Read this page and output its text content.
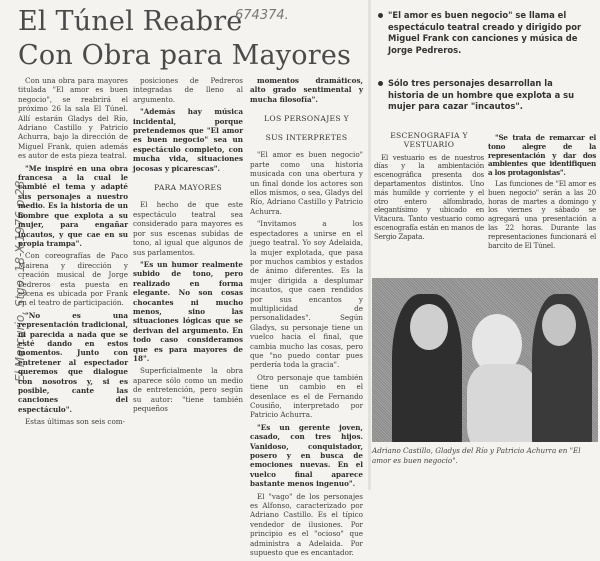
El Túnel Reabre
Con Obra para Mayores
674374.
El Mercurio, Stgo. 18-X-1976 p.28

Con una obra para mayores titulada "El amor es buen negocio", se reabrirá el próximo 26 la sala El Túnel. Allí estarán Gladys del Río, Adriano Castillo y Patricio Achurra, bajo la dirección de Miguel Frank, quien además es autor de esta pieza teatral.

"Me inspiré en una obra francesa a la cual le cambié el tema y adapté sus personajes a nuestro medio. Es la historia de un hombre que explota a su mujer, para engañar incautos, y que cae en su propia trampa".

Con coreografías de Paco Mairena y dirección y creación musical de Jorge Pedreros esta puesta en escena es ubicada por Frank en el teatro de participación.

"No es una representación tradicional, ni parecida a nada que se esté dando en estos momentos. Junto con entretener al espectador queremos que dialogue con nosotros y, si es posible, cante las canciones del espectáculo".

Estas últimas son seis com-

posiciones de Pedreros integradas de lleno al argumento.

"Además hay música incidental, porque pretendemos que "El amor es buen negocio" sea un espectáculo completo, con mucha vida, situaciones jocosas y picarescas".

PARA MAYORES

El hecho de que este espectáculo teatral sea considerado para mayores es por sus escenas subidas de tono, al igual que algunos de sus parlamentos.

"Es un humor realmente subido de tono, pero realizado en forma elegante. No son cosas chocantes ni mucho menos, sino las situaciones lógicas que se derivan del argumento. En todo caso consideramos que es para mayores de 18".

Superficialmente la obra aparece sólo como un medio de entretención, pero según su autor: "tiene también pequeños

momentos dramáticos, alto grado sentimental y mucha filosofía".

LOS PERSONAJES Y

SUS INTERPRETES

"El amor es buen negocio" parte como una historia musicada con una obertura y un final donde los actores son ellos mismos, o sea, Gladys del Río, Adriano Castillo y Patricio Achurra.

"Invitamos a los espectadores a unirse en el juego teatral. Yo soy Adelaida, la mujer explotada, que pasa por muchos cambios y estados de ánimo diferentes. Es la mujer dirigida a desplumar incautos, que caen rendidos por sus encantos y multiplicidad de personalidades". Según Gladys, su personaje tiene un vuelco hacia el final, que cambia mucho las cosas, pero que "no puedo contar pues perdería toda la gracia".

Otro personaje que también tiene un cambio en el desenlace es el de Fernando Cousiño, interpretado por Patricio Achurra.

"Es un gerente joven, casado, con tres hijos. Vanidoso, conquistador, posero y en busca de emociones nuevas. En el vuelco final aparece bastante menos ingenuo".

El "vago" de los personajes es Alfonso, caracterizado por Adriano Castillo. Es el típico vendedor de ilusiones. Por principio es el "ocioso" que administra a Adelaida. Por supuesto que es encantador.

"El amor es buen negocio" se llama el espectáculo teatral creado y dirigido por Miguel Frank con canciones y música de Jorge Pedreros.
Sólo tres personajes desarrollan la historia de un hombre que explota a su mujer para cazar "incautos".
ESCENOGRAFIA Y
VESTUARIO

El vestuario es de nuestros días y la ambientación escenográfica presenta dos departamentos distintos. Uno más humilde y corriente y el otro entero alfombrado, elegantísimo y ubicado en Vitacura. Tanto vestuario como escenografía están en manos de Sergio Zapata.

"Se trata de remarcar el tono alegre de la representación y dar dos ambientes que identifiquen a los protagonistas".

Las funciones de "El amor es buen negocio" serán a las 20 horas de martes a domingo y los viernes y sábado se agregará una presentación a las 22 horas. Durante las representaciones funcionará el barcito de El Túnel.

Adriano Castillo, Gladys del Río y Patricio Achurra en "El amor es buen negocio".
